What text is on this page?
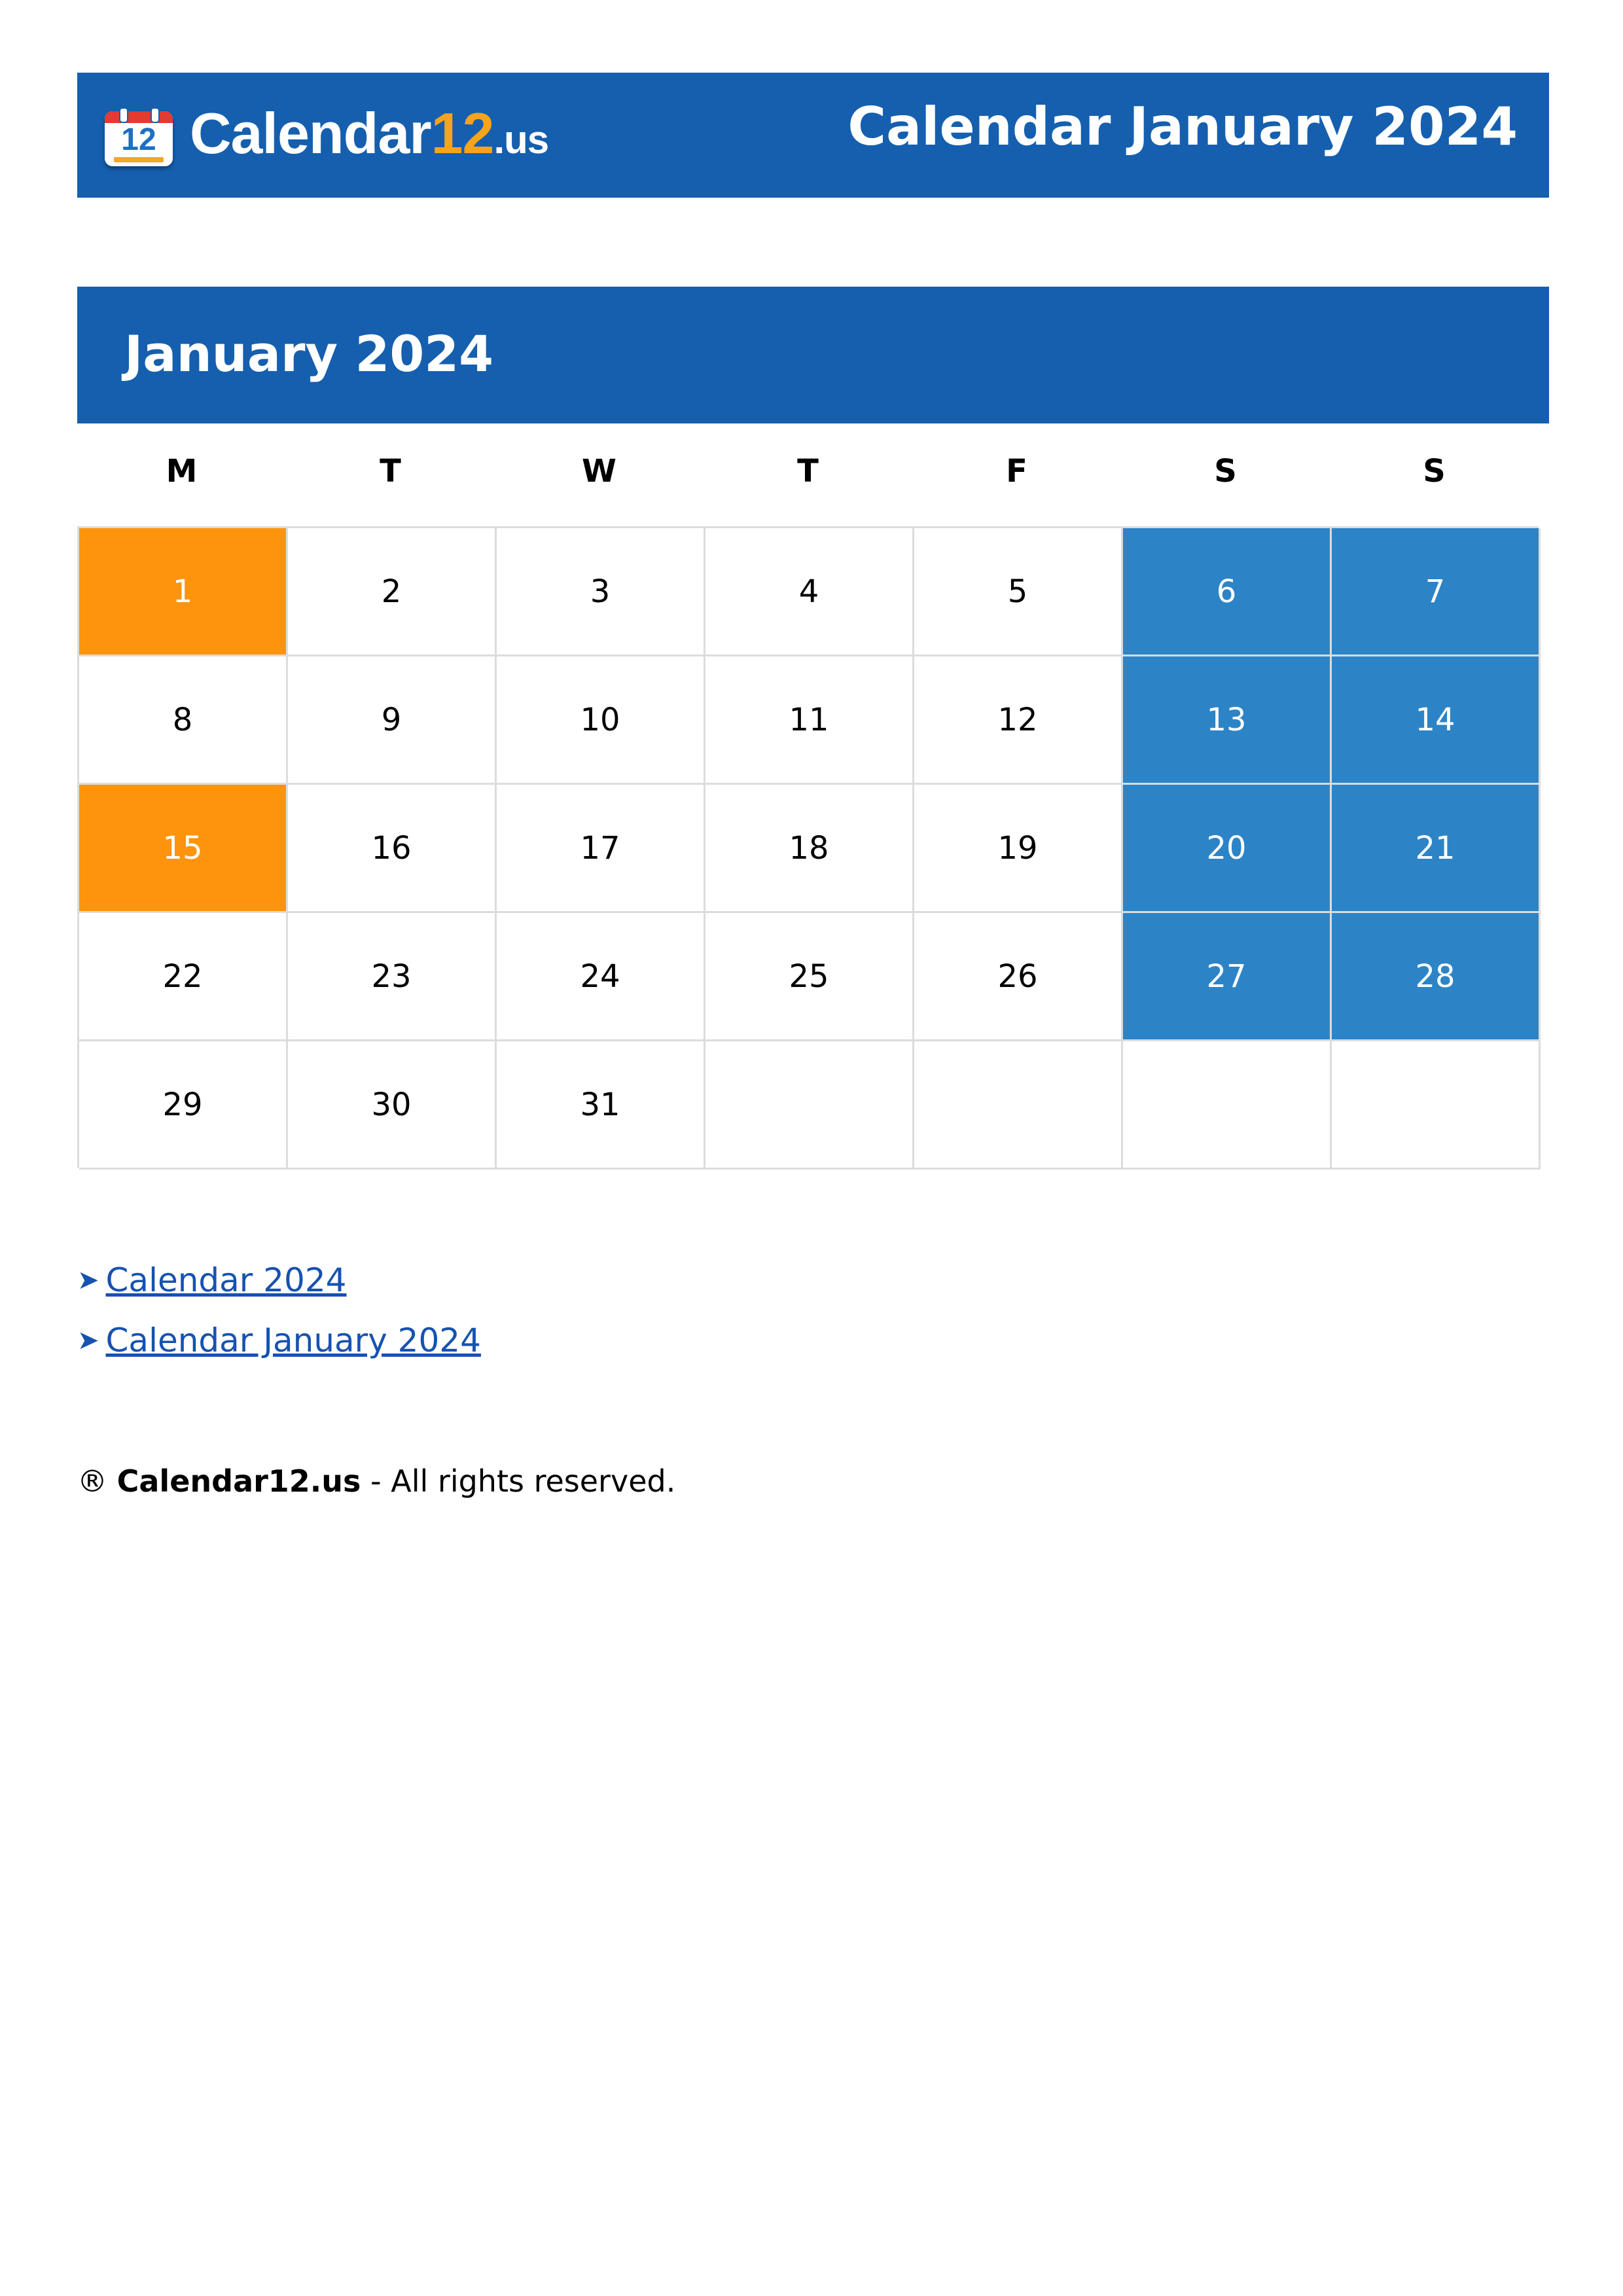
12 Calendar12.us	Calendar January 2024
January 2024
M	T	W	T	F	S	S
1	2	3	4	5	6	7
8	9	10	11	12	13	14
15	16	17	18	19	20	21
22	23	24	25	26	27	28
29	30	31
➤ Calendar 2024
➤ Calendar January 2024
® Calendar12.us - All rights reserved.
